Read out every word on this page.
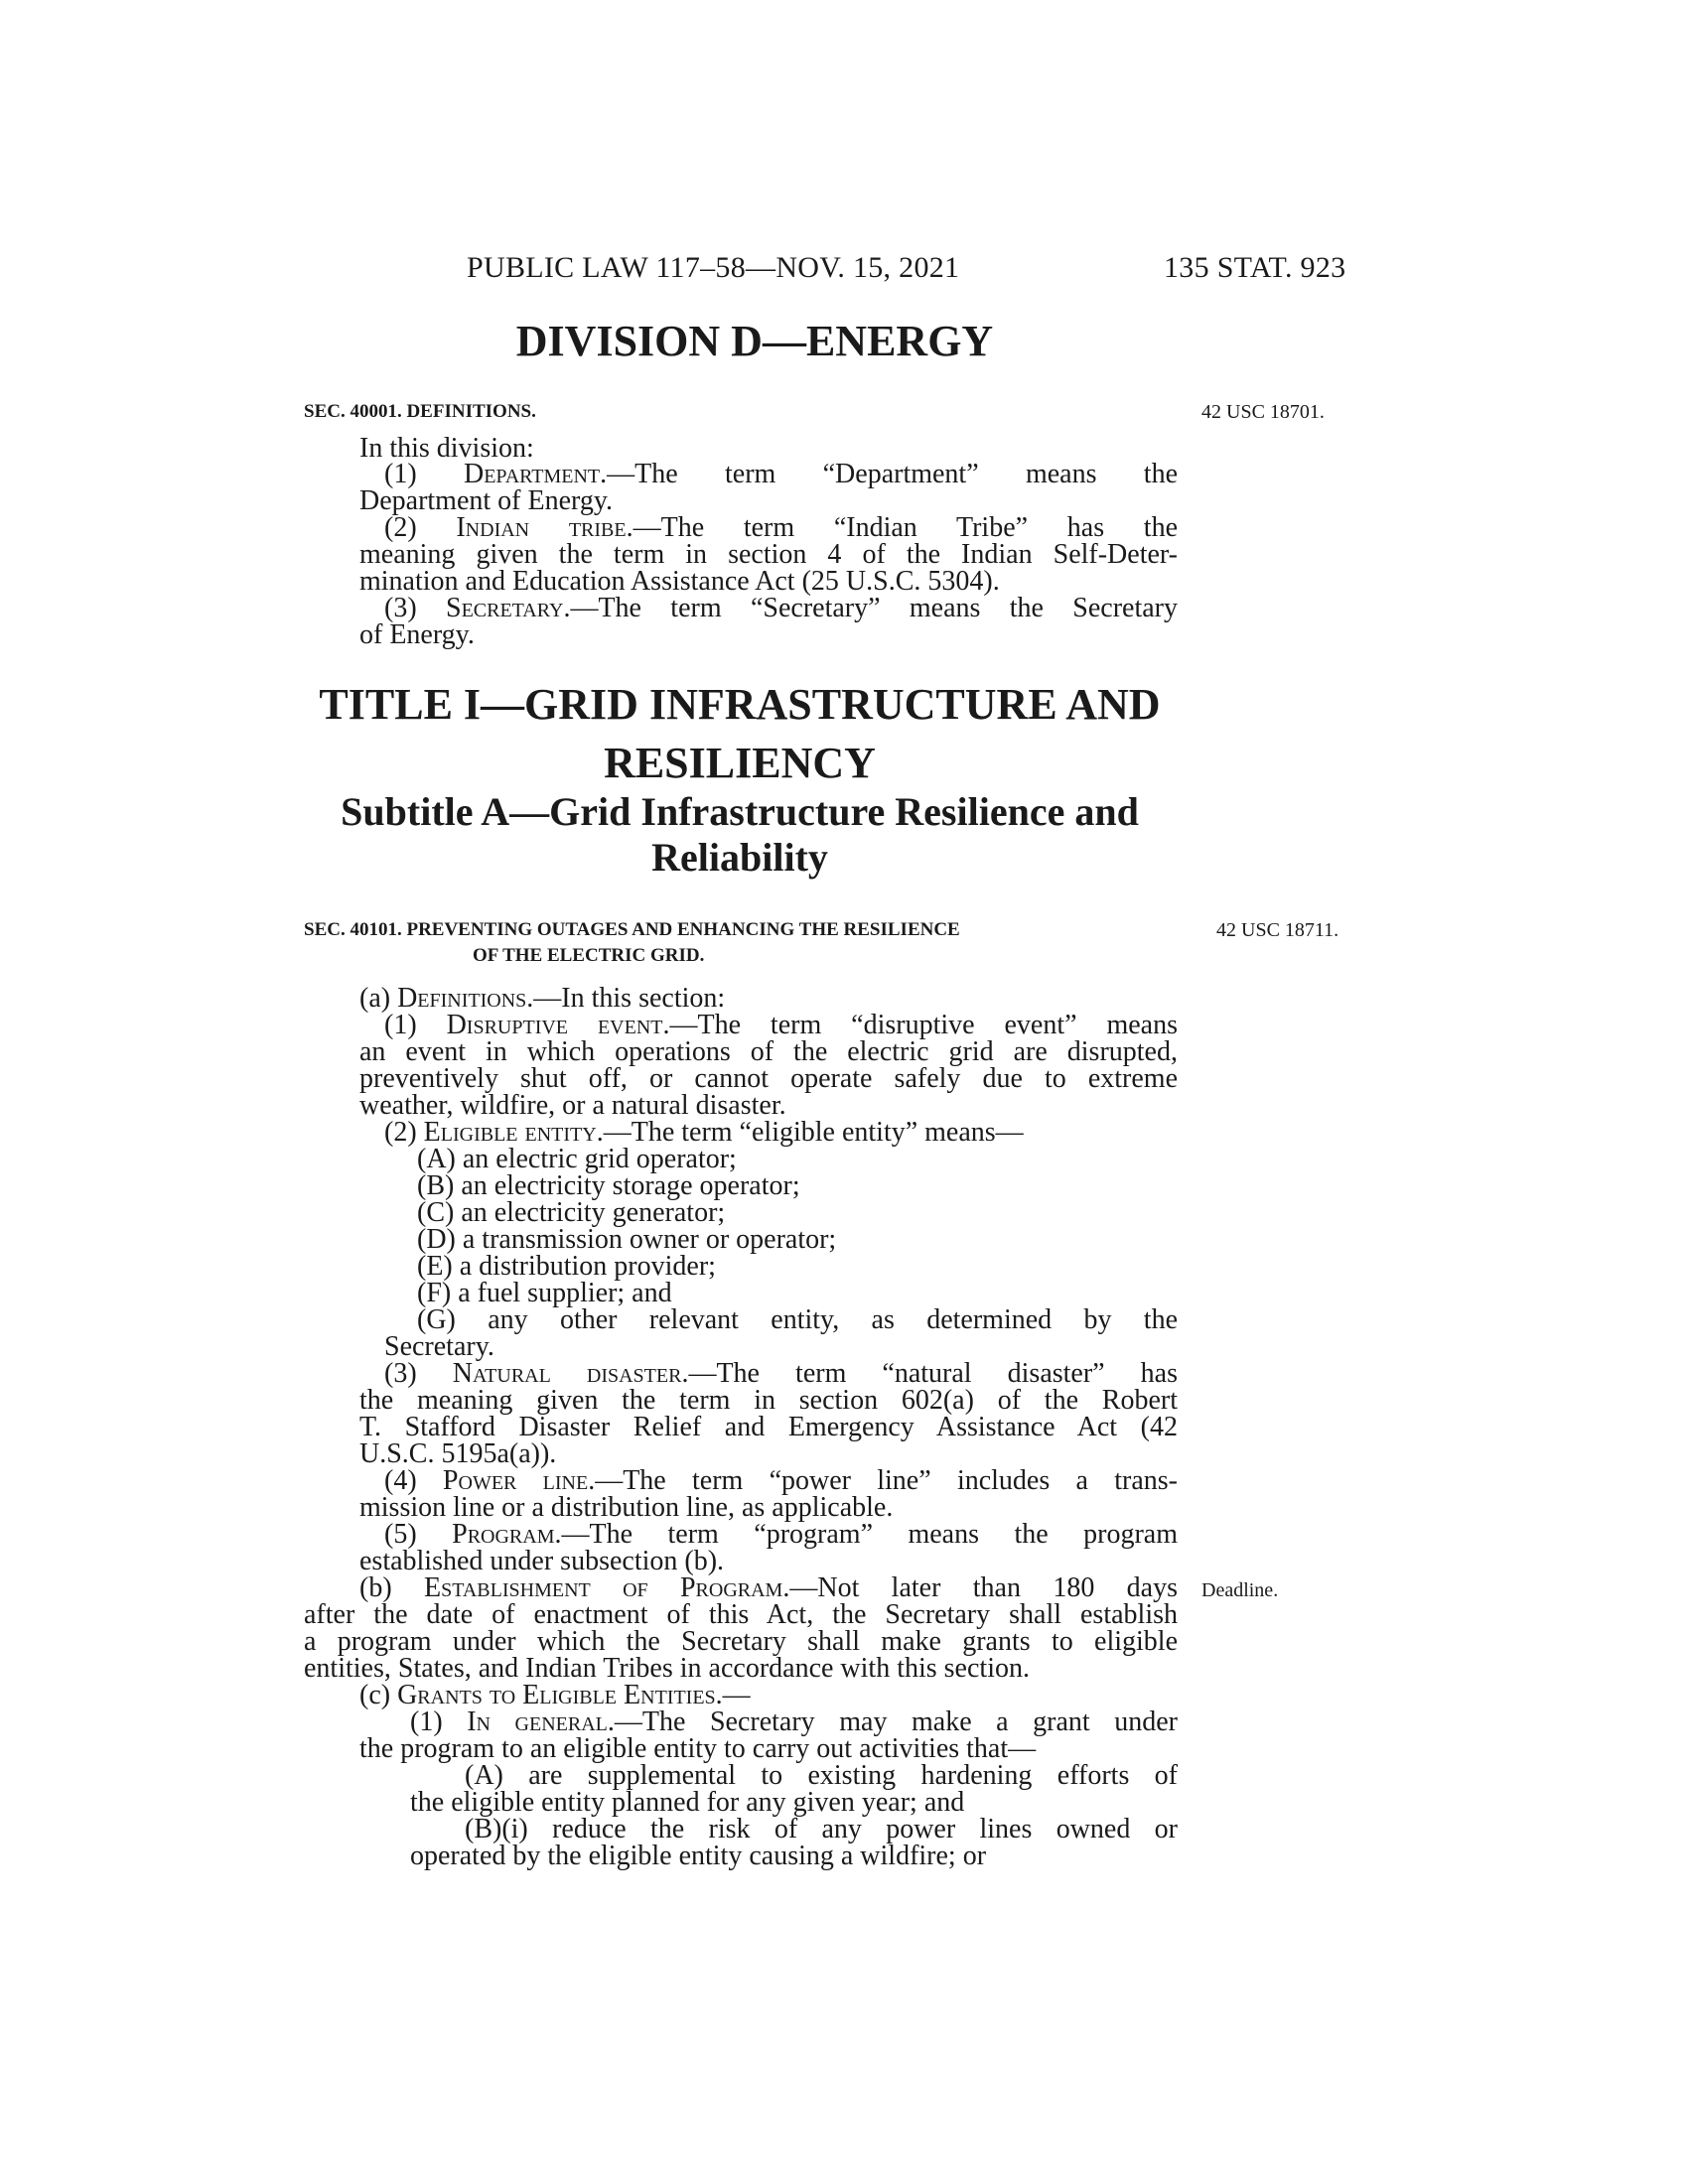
PUBLIC LAW 117–58—NOV. 15, 2021	135 STAT. 923
DIVISION D—ENERGY
SEC. 40001. DEFINITIONS.	42 USC 18701.
In this division:
(1) Department.—The term “Department” means the
Department of Energy.
(2) Indian tribe.—The term “Indian Tribe” has the
meaning given the term in section 4 of the Indian Self-Deter-
mination and Education Assistance Act (25 U.S.C. 5304).
(3) Secretary.—The term “Secretary” means the Secretary
of Energy.
TITLE I—GRID INFRASTRUCTURE AND RESILIENCY
Subtitle A—Grid Infrastructure Resilience and Reliability
SEC. 40101. PREVENTING OUTAGES AND ENHANCING THE RESILIENCE
OF THE ELECTRIC GRID.
42 USC 18711.
(a) Definitions.—In this section:
(1) Disruptive event.—The term “disruptive event” means
an event in which operations of the electric grid are disrupted,
preventively shut off, or cannot operate safely due to extreme
weather, wildfire, or a natural disaster.
(2) Eligible entity.—The term “eligible entity” means—
(A) an electric grid operator;
(B) an electricity storage operator;
(C) an electricity generator;
(D) a transmission owner or operator;
(E) a distribution provider;
(F) a fuel supplier; and
(G) any other relevant entity, as determined by the
Secretary.
(3) Natural disaster.—The term “natural disaster” has
the meaning given the term in section 602(a) of the Robert
T. Stafford Disaster Relief and Emergency Assistance Act (42
U.S.C. 5195a(a)).
(4) Power line.—The term “power line” includes a trans-
mission line or a distribution line, as applicable.
(5) Program.—The term “program” means the program
established under subsection (b).
(b) Establishment of Program.—Not later than 180 days Deadline.
after the date of enactment of this Act, the Secretary shall establish
a program under which the Secretary shall make grants to eligible
entities, States, and Indian Tribes in accordance with this section.
(c) Grants to Eligible Entities.—
(1) In general.—The Secretary may make a grant under
the program to an eligible entity to carry out activities that—
(A) are supplemental to existing hardening efforts of
the eligible entity planned for any given year; and
(B)(i) reduce the risk of any power lines owned or
operated by the eligible entity causing a wildfire; or
